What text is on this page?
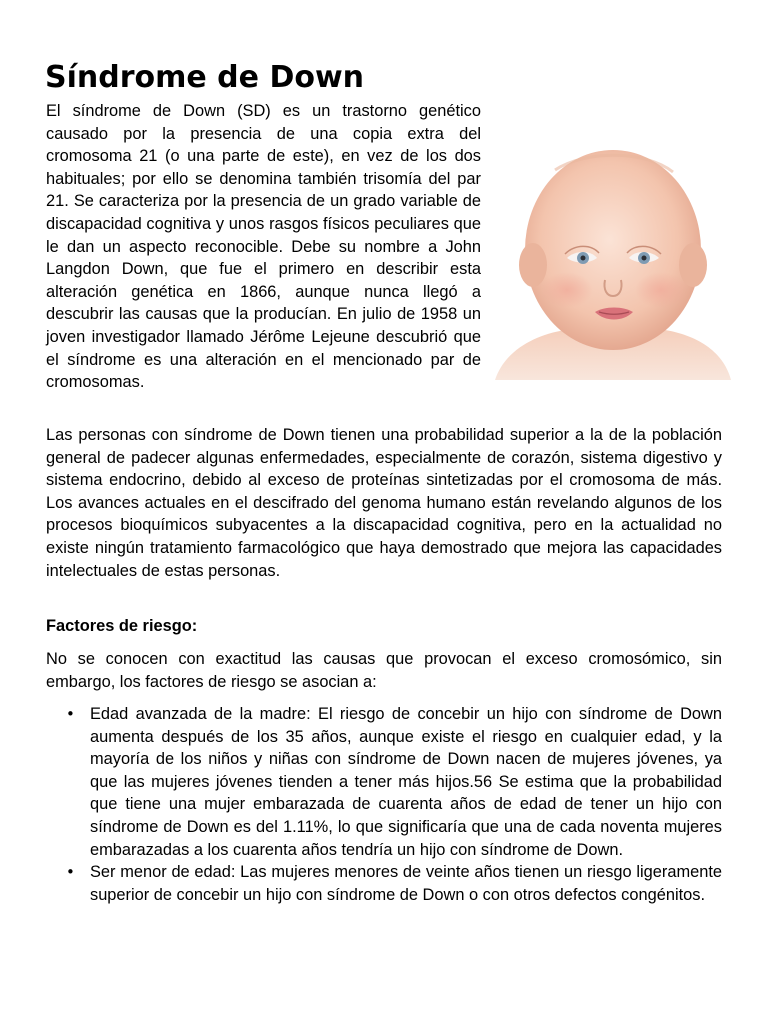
Síndrome de Down

El síndrome de Down (SD) es un trastorno genético causado por la presencia de una copia extra del cromosoma 21 (o una parte de este), en vez de los dos habituales; por ello se denomina también trisomía del par 21. Se caracteriza por la presencia de un grado variable de discapacidad cognitiva y unos rasgos físicos peculiares que le dan un aspecto reconocible. Debe su nombre a John Langdon Down, que fue el primero en describir esta alteración genética en 1866, aunque nunca llegó a descubrir las causas que la producían. En julio de 1958 un joven investigador llamado Jérôme Lejeune descubrió que el síndrome es una alteración en el mencionado par de cromosomas.

Las personas con síndrome de Down tienen una probabilidad superior a la de la población general de padecer algunas enfermedades, especialmente de corazón, sistema digestivo y sistema endocrino, debido al exceso de proteínas sintetizadas por el cromosoma de más. Los avances actuales en el descifrado del genoma humano están revelando algunos de los procesos bioquímicos subyacentes a la discapacidad cognitiva, pero en la actualidad no existe ningún tratamiento farmacológico que haya demostrado que mejora las capacidades intelectuales de estas personas.

Factores de riesgo:

No se conocen con exactitud las causas que provocan el exceso cromosómico, sin embargo, los factores de riesgo se asocian a:

• Edad avanzada de la madre: El riesgo de concebir un hijo con síndrome de Down aumenta después de los 35 años, aunque existe el riesgo en cualquier edad, y la mayoría de los niños y niñas con síndrome de Down nacen de mujeres jóvenes, ya que las mujeres jóvenes tienden a tener más hijos.56 Se estima que la probabilidad que tiene una mujer embarazada de cuarenta años de edad de tener un hijo con síndrome de Down es del 1.11%, lo que significaría que una de cada noventa mujeres embarazadas a los cuarenta años tendría un hijo con síndrome de Down.
• Ser menor de edad: Las mujeres menores de veinte años tienen un riesgo ligeramente superior de concebir un hijo con síndrome de Down o con otros defectos congénitos.
